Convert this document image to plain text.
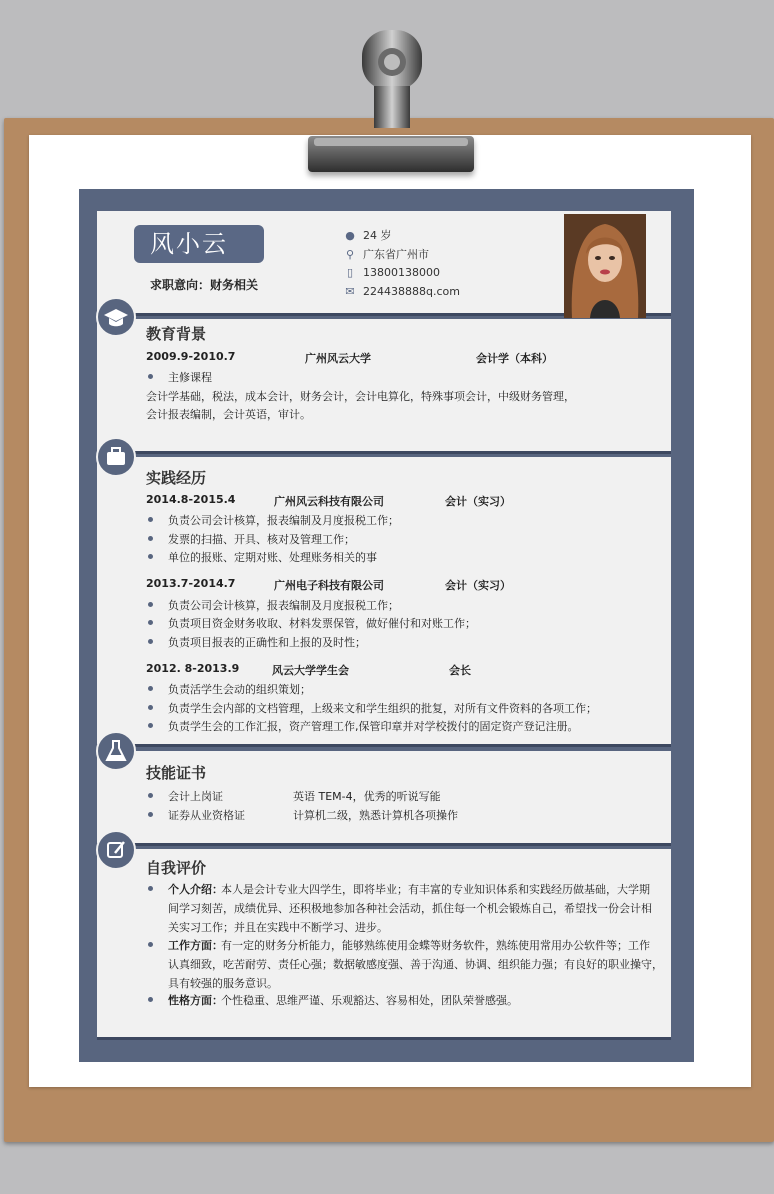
风小云
求职意向：财务相关
● 24 岁
⚲ 广东省广州市
▯ 13800138000
✉ 224438888q.com
教育背景
2009.9-2010.7	广州风云大学	会计学（本科）
主修课程
会计学基础，税法，成本会计，财务会计，会计电算化，特殊事项会计，中级财务管理，
会计报表编制，会计英语，审计。
实践经历
2014.8-2015.4	广州风云科技有限公司	会计（实习）
负责公司会计核算，报表编制及月度报税工作；
发票的扫描、开具、核对及管理工作；
单位的报账、定期对账、处理账务相关的事
2013.7-2014.7	广州电子科技有限公司	会计（实习）
负责公司会计核算，报表编制及月度报税工作；
负责项目资金财务收取、材料发票保管，做好催付和对账工作；
负责项目报表的正确性和上报的及时性；
2012. 8-2013.9	风云大学学生会	会长
负责活学生会动的组织策划；
负责学生会内部的文档管理，上级来文和学生组织的批复，对所有文件资料的各项工作；
负责学生会的工作汇报，资产管理工作,保管印章并对学校拨付的固定资产登记注册。
技能证书
会计上岗证	英语 TEM-4，优秀的听说写能
证券从业资格证	计算机二级，熟悉计算机各项操作
自我评价
个人介绍：
本人是会计专业大四学生，即将毕业；有丰富的专业知识体系和实践经历做基础，大学期
间学习刻苦，成绩优异、还积极地参加各种社会活动，抓住每一个机会锻炼自己，希望找一份会计相
关实习工作；并且在实践中不断学习、进步。
工作方面：
有一定的财务分析能力，能够熟练使用金蝶等财务软件，熟练使用常用办公软件等；工作
认真细致，吃苦耐劳、责任心强；数据敏感度强、善于沟通、协调、组织能力强；有良好的职业操守，
具有较强的服务意识。
性格方面：
个性稳重、思维严谨、乐观豁达、容易相处，团队荣誉感强。
